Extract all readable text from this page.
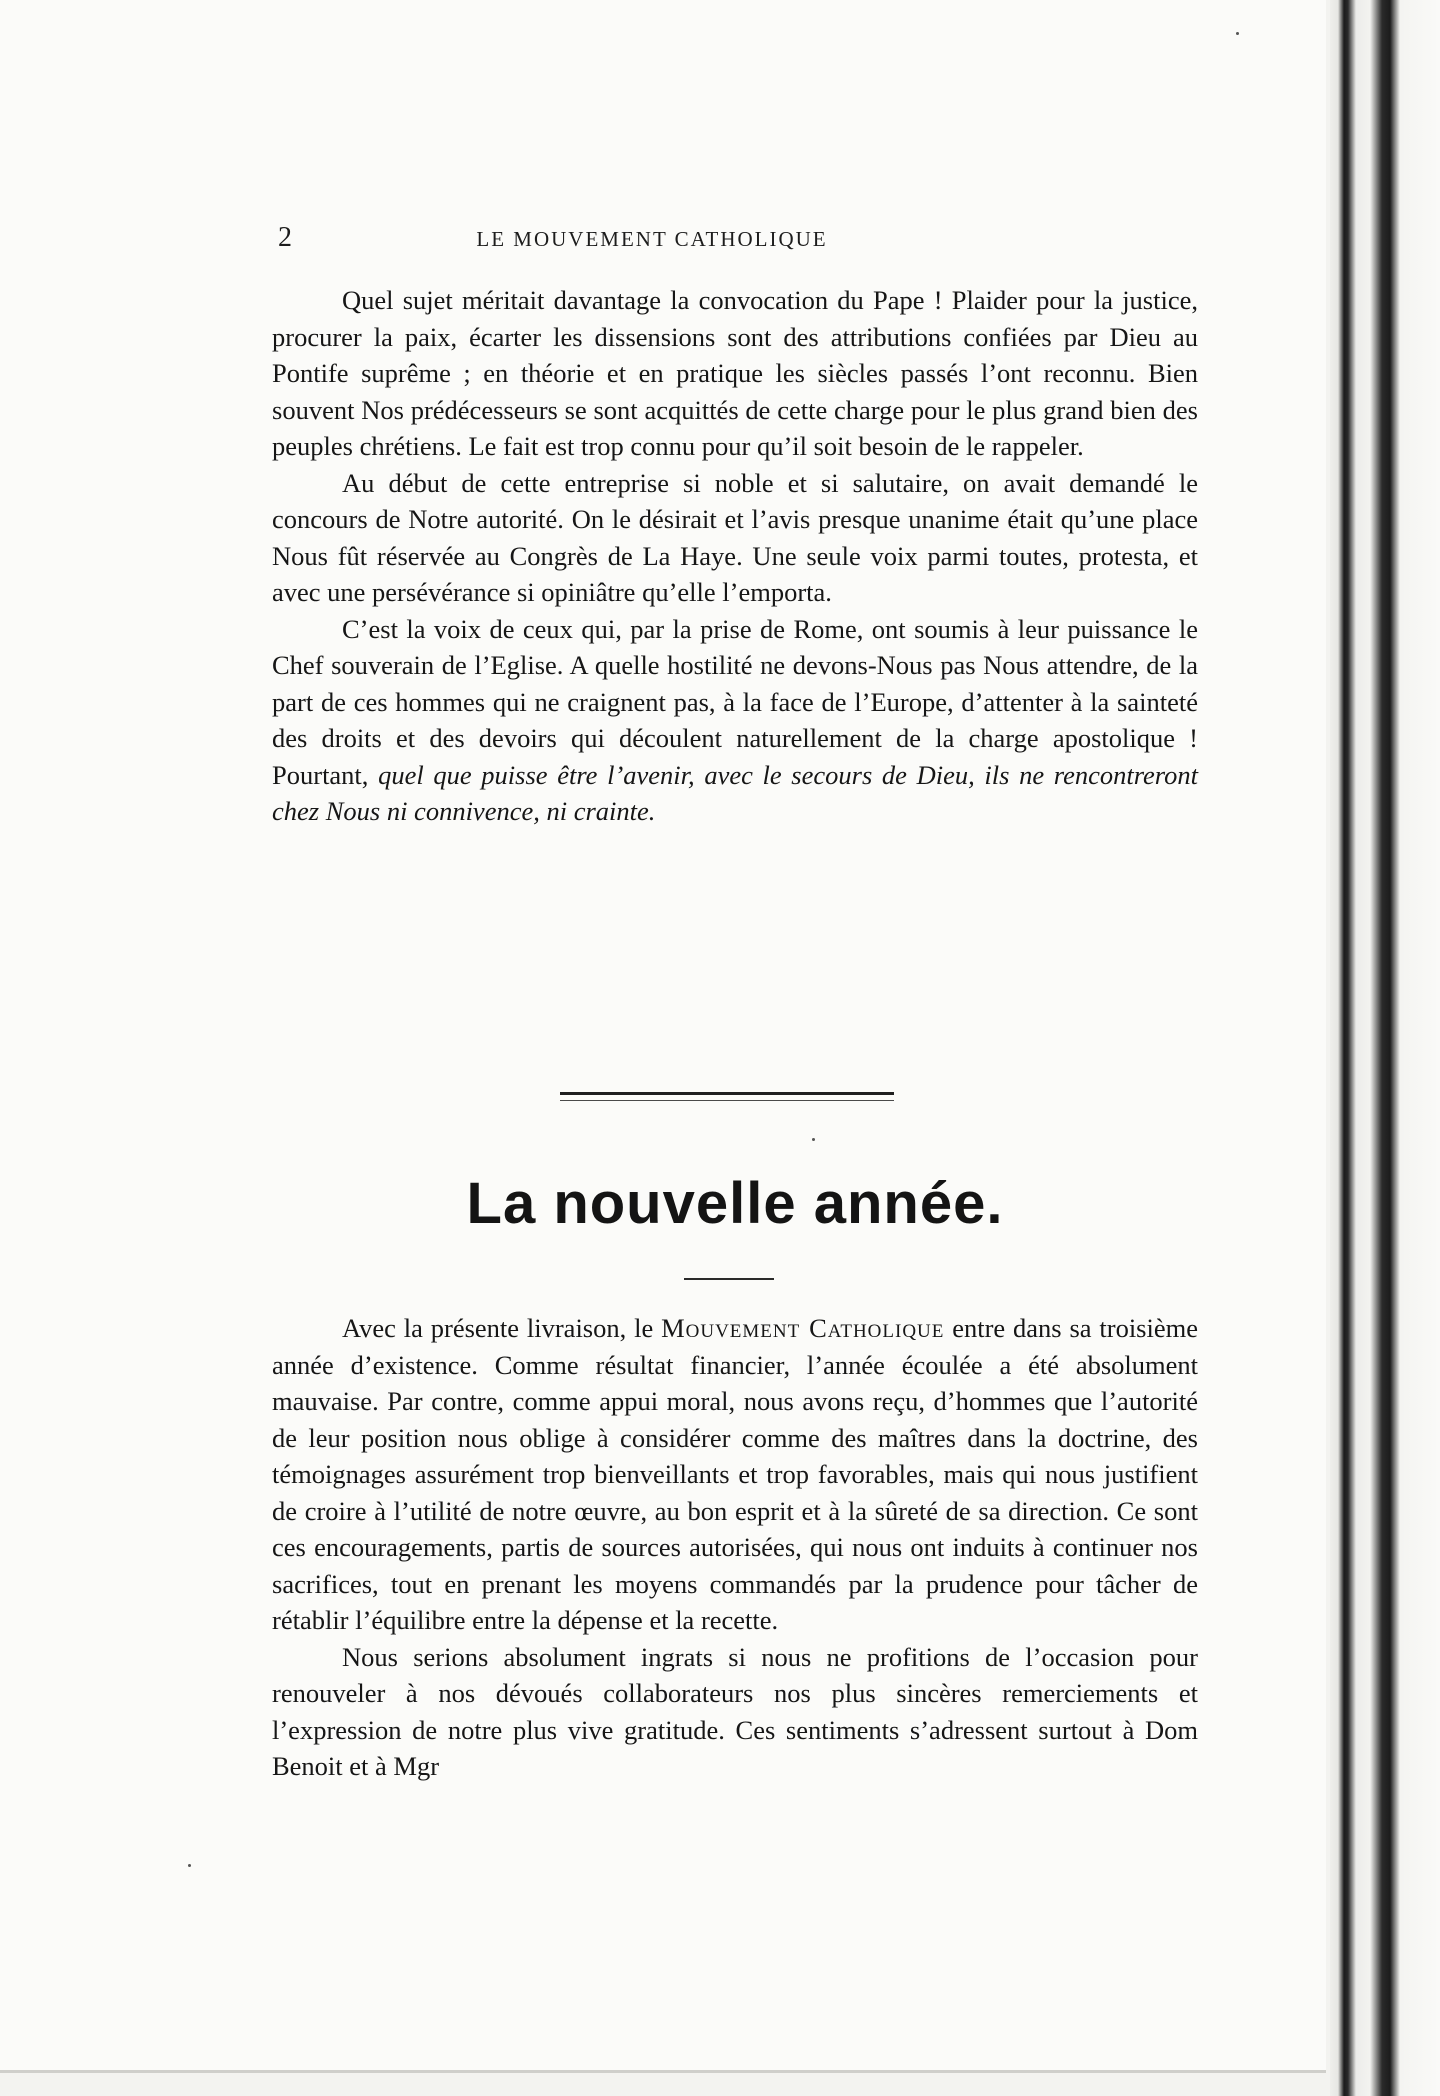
2	LE MOUVEMENT CATHOLIQUE

Quel sujet méritait davantage la convocation du Pape ! Plaider pour la justice, procurer la paix, écarter les dissensions sont des attributions confiées par Dieu au Pontife suprême ; en théorie et en pratique les siècles passés l’ont reconnu. Bien souvent Nos prédécesseurs se sont acquittés de cette charge pour le plus grand bien des peuples chrétiens. Le fait est trop connu pour qu’il soit besoin de le rappeler.

Au début de cette entreprise si noble et si salutaire, on avait demandé le concours de Notre autorité. On le désirait et l’avis presque unanime était qu’une place Nous fût réservée au Congrès de La Haye. Une seule voix parmi toutes, protesta, et avec une persévérance si opiniâtre qu’elle l’emporta.

C’est la voix de ceux qui, par la prise de Rome, ont soumis à leur puissance le Chef souverain de l’Eglise. A quelle hostilité ne devons-Nous pas Nous attendre, de la part de ces hommes qui ne craignent pas, à la face de l’Europe, d’attenter à la sainteté des droits et des devoirs qui découlent naturellement de la charge apostolique ! Pourtant, quel que puisse être l’avenir, avec le secours de Dieu, ils ne rencontreront chez Nous ni connivence, ni crainte.

La nouvelle année.

Avec la présente livraison, le Mouvement Catholique entre dans sa troisième année d’existence. Comme résultat financier, l’année écoulée a été absolument mauvaise. Par contre, comme appui moral, nous avons reçu, d’hommes que l’autorité de leur position nous oblige à considérer comme des maîtres dans la doctrine, des témoignages assurément trop bienveillants et trop favorables, mais qui nous justifient de croire à l’utilité de notre œuvre, au bon esprit et à la sûreté de sa direction. Ce sont ces encouragements, partis de sources autorisées, qui nous ont induits à continuer nos sacrifices, tout en prenant les moyens commandés par la prudence pour tâcher de rétablir l’équilibre entre la dépense et la recette.

Nous serions absolument ingrats si nous ne profitions de l’occasion pour renouveler à nos dévoués collaborateurs nos plus sincères remerciements et l’expression de notre plus vive gratitude. Ces sentiments s’adressent surtout à Dom Benoit et à Mgr
